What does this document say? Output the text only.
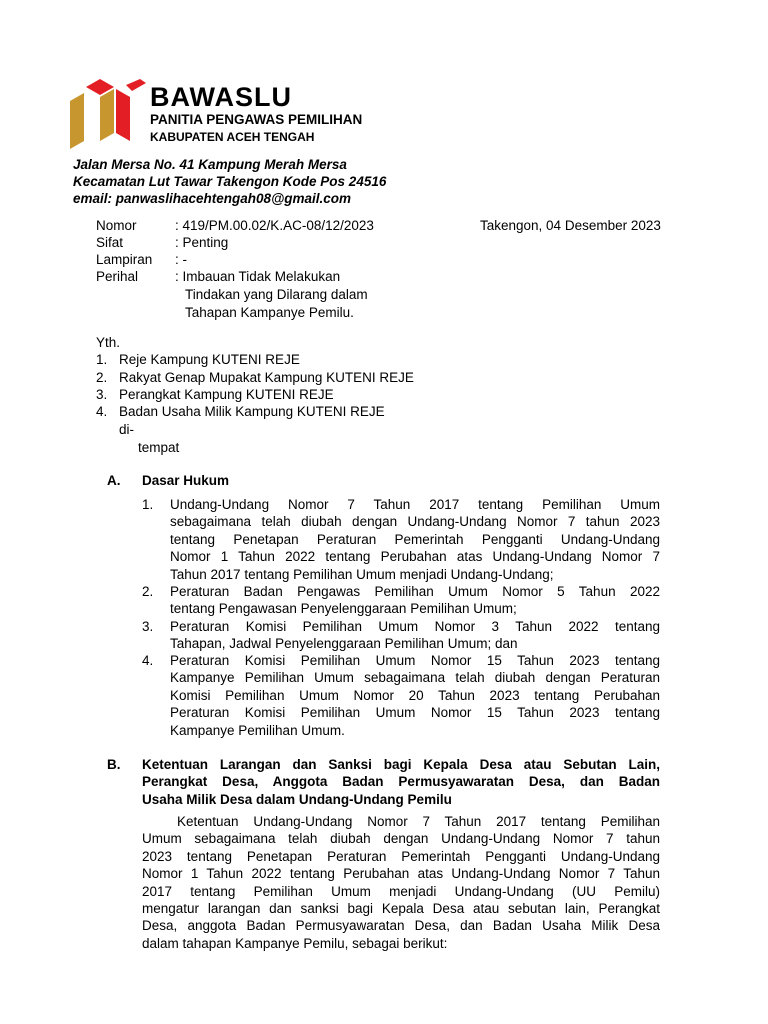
BAWASLU
PANITIA PENGAWAS PEMILIHAN
KABUPATEN ACEH TENGAH
Jalan Mersa No. 41 Kampung Merah Mersa
Kecamatan Lut Tawar Takengon Kode Pos 24516
email: panwaslihacehtengah08@gmail.com
Nomor	: 419/PM.00.02/K.AC-08/12/2023	Takengon, 04 Desember 2023
Sifat	: Penting
Lampiran : -
Perihal	: Imbauan Tidak Melakukan
Tindakan yang Dilarang dalam
Tahapan Kampanye Pemilu.
Yth.
1. Reje Kampung KUTENI REJE
2. Rakyat Genap Mupakat Kampung KUTENI REJE
3. Perangkat Kampung KUTENI REJE
4. Badan Usaha Milik Kampung KUTENI REJE
di-
tempat
A. Dasar Hukum
1. Undang-Undang Nomor 7 Tahun 2017 tentang Pemilihan Umum
sebagaimana telah diubah dengan Undang-Undang Nomor 7 tahun 2023
tentang Penetapan Peraturan Pemerintah Pengganti Undang-Undang
Nomor 1 Tahun 2022 tentang Perubahan atas Undang-Undang Nomor 7
Tahun 2017 tentang Pemilihan Umum menjadi Undang-Undang;
2. Peraturan Badan Pengawas Pemilihan Umum Nomor 5 Tahun 2022
tentang Pengawasan Penyelenggaraan Pemilihan Umum;
3. Peraturan Komisi Pemilihan Umum Nomor 3 Tahun 2022 tentang
Tahapan, Jadwal Penyelenggaraan Pemilihan Umum; dan
4. Peraturan Komisi Pemilihan Umum Nomor 15 Tahun 2023 tentang
Kampanye Pemilihan Umum sebagaimana telah diubah dengan Peraturan
Komisi Pemilihan Umum Nomor 20 Tahun 2023 tentang Perubahan
Peraturan Komisi Pemilihan Umum Nomor 15 Tahun 2023 tentang
Kampanye Pemilihan Umum.
B. Ketentuan Larangan dan Sanksi bagi Kepala Desa atau Sebutan Lain,
Perangkat Desa, Anggota Badan Permusyawaratan Desa, dan Badan
Usaha Milik Desa dalam Undang-Undang Pemilu
Ketentuan Undang-Undang Nomor 7 Tahun 2017 tentang Pemilihan
Umum sebagaimana telah diubah dengan Undang-Undang Nomor 7 tahun
2023 tentang Penetapan Peraturan Pemerintah Pengganti Undang-Undang
Nomor 1 Tahun 2022 tentang Perubahan atas Undang-Undang Nomor 7 Tahun
2017 tentang Pemilihan Umum menjadi Undang-Undang (UU Pemilu)
mengatur larangan dan sanksi bagi Kepala Desa atau sebutan lain, Perangkat
Desa, anggota Badan Permusyawaratan Desa, dan Badan Usaha Milik Desa
dalam tahapan Kampanye Pemilu, sebagai berikut:
